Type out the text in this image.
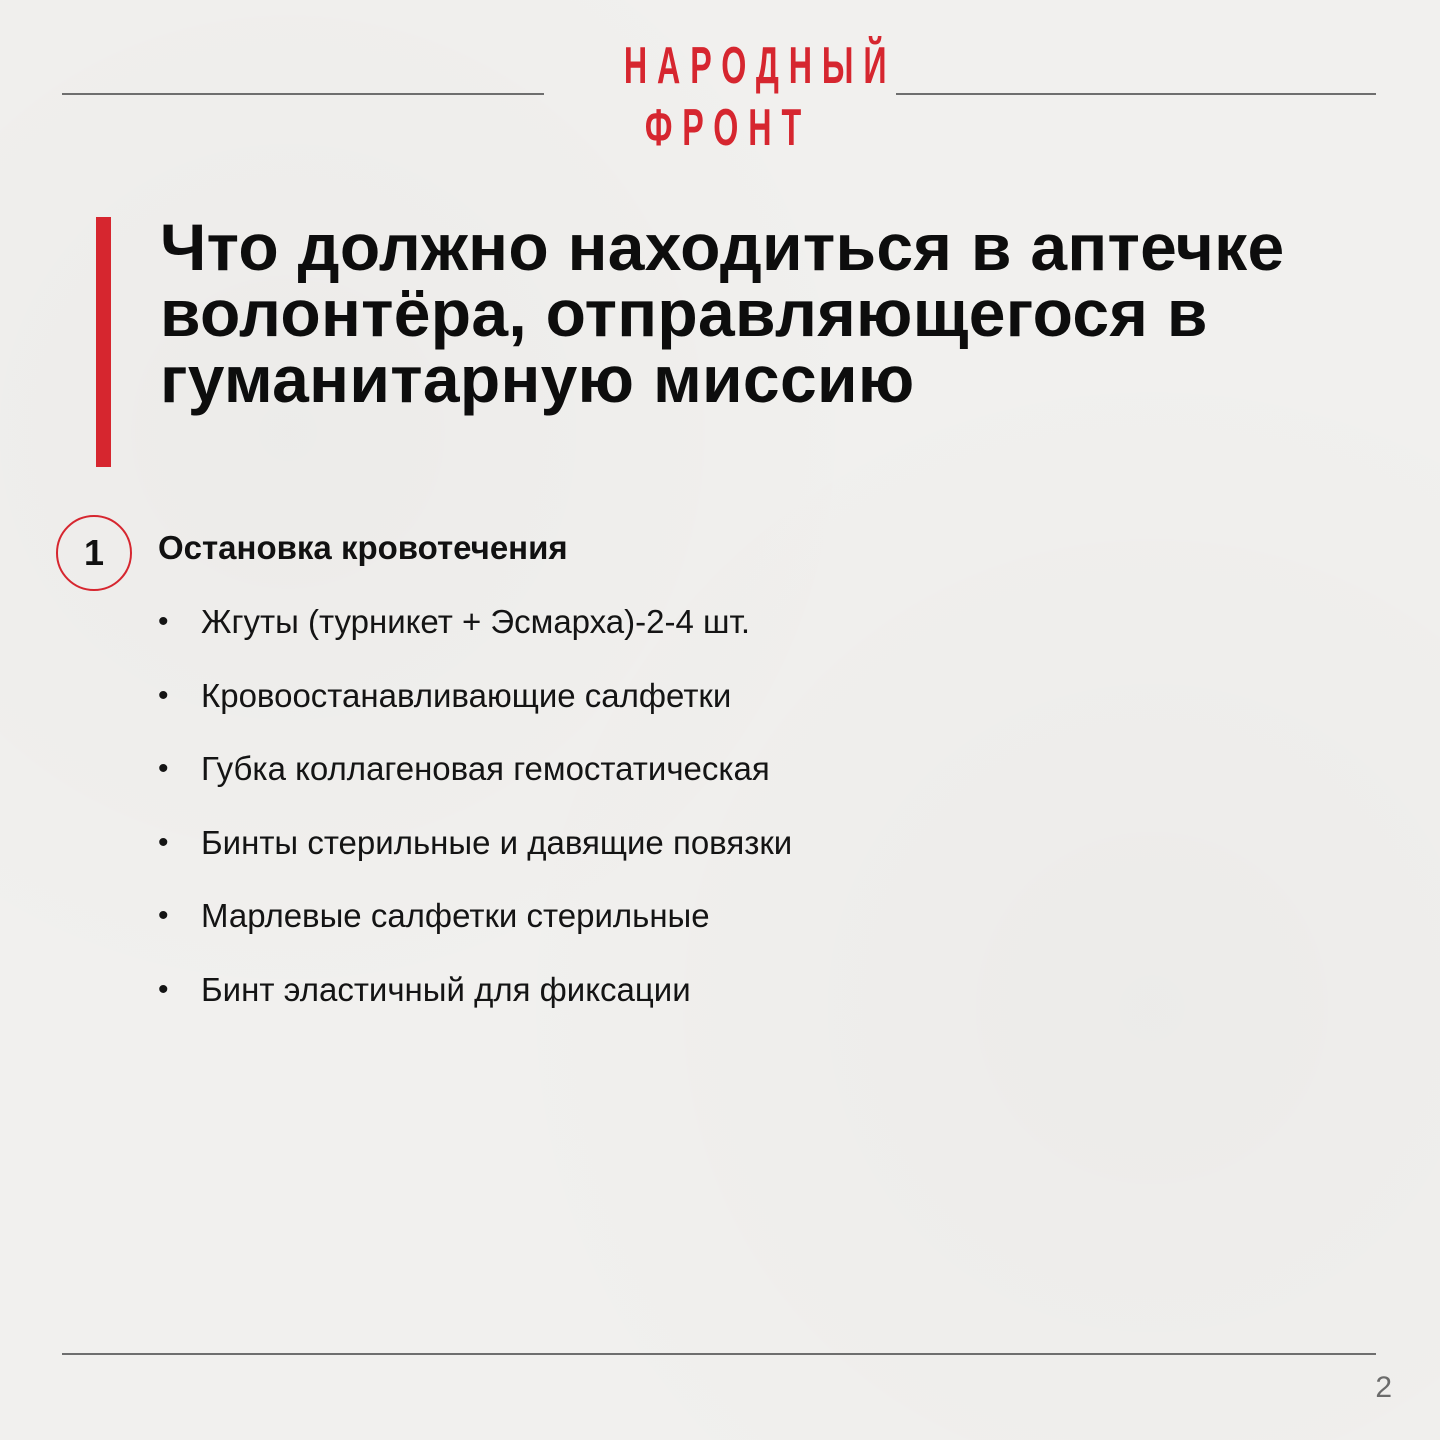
НАРОДНЫЙ
ФРОНТ
Что должно находиться в аптечке волонтёра, отправляющегося в гуманитарную миссию
1 Остановка кровотечения
• Жгуты (турникет + Эсмарха)-2-4 шт.
• Кровоостанавливающие салфетки
• Губка коллагеновая гемостатическая
• Бинты стерильные и давящие повязки
• Марлевые салфетки стерильные
• Бинт эластичный для фиксации
2
